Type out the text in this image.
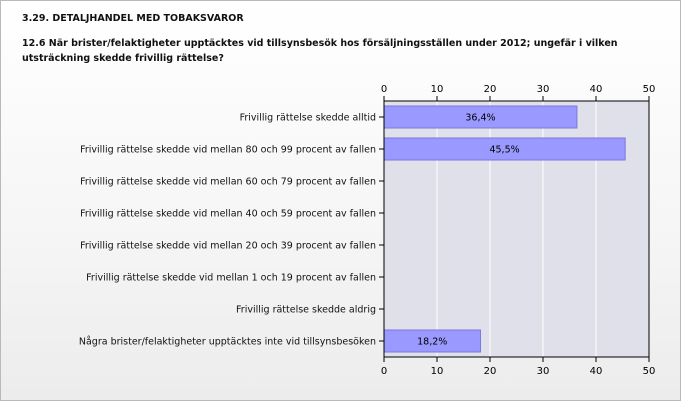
3.29. DETALJHANDEL MED TOBAKSVAROR
12.6 När brister/felaktigheter upptäcktes vid tillsynsbesök hos försäljningsställen under 2012; ungefär i vilken utsträckning skedde frivillig rättelse?
0
0
10
10
20
20
30
30
40
40
50
50
Frivillig rättelse skedde alltid	36,4%
Frivillig rättelse skedde vid mellan 80 och 99 procent av fallen	45,5%
Frivillig rättelse skedde vid mellan 60 och 79 procent av fallen
Frivillig rättelse skedde vid mellan 40 och 59 procent av fallen
Frivillig rättelse skedde vid mellan 20 och 39 procent av fallen
Frivillig rättelse skedde vid mellan 1 och 19 procent av fallen
Frivillig rättelse skedde aldrig
Några brister/felaktigheter upptäcktes inte vid tillsynsbesöken	18,2%
